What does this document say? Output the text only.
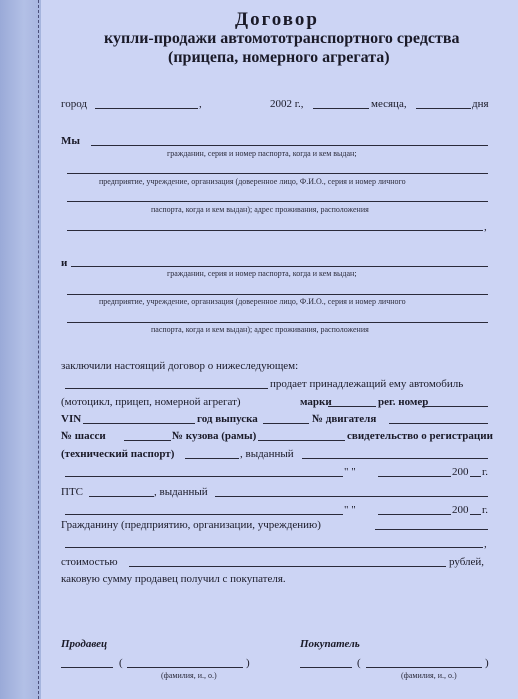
Договор
купли-продажи автомототранспортного средства
(прицепа, номерного агрегата)
город	,	2002 г.,	месяца,	дня
Мы
гражданин, серия и номер паспорта, когда и кем выдан;
предприятие, учреждение, организация (доверенное лицо, Ф.И.О., серия и номер личного
паспорта, когда и кем выдан); адрес проживания, расположения
,
и
гражданин, серия и номер паспорта, когда и кем выдан;
предприятие, учреждение, организация (доверенное лицо, Ф.И.О., серия и номер личного
паспорта, когда и кем выдан); адрес проживания, расположения
заключили настоящий договор о нижеследующем:
продает принадлежащий ему автомобиль
(мотоцикл, прицеп, номерной агрегат)	марки	рег. номер
VIN	год выпуска	№ двигателя
№ шасси	№ кузова (рамы)	свидетельство о регистрации
(технический паспорт)	, выданный
" "	200 г.
ПТС	, выданный
" "	200 г.
Гражданину (предприятию, организации, учреждению)
,
стоимостью	рублей,
каковую сумму продавец получил с покупателя.
Продавец
(	)
(фамилия, и., о.)
Покупатель
(	)
(фамилия, и., о.)
